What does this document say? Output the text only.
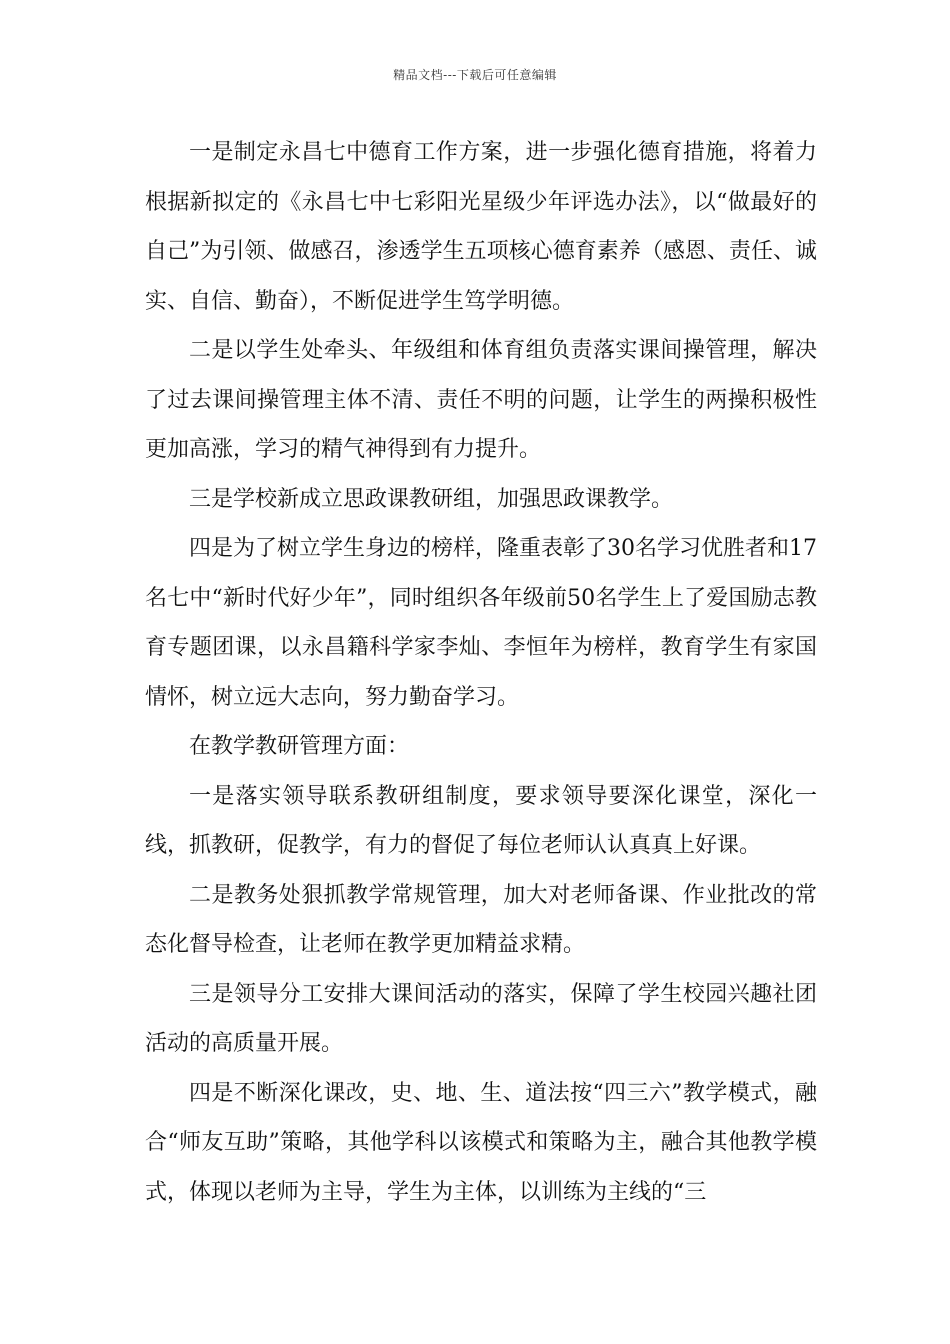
精品文档---下载后可任意编辑

一是制定永昌七中德育工作方案，进一步强化德育措施，将着力根据新拟定的《永昌七中七彩阳光星级少年评选办法》，以“做最好的自己”为引领、做感召，渗透学生五项核心德育素养（感恩、责任、诚实、自信、勤奋），不断促进学生笃学明德。

二是以学生处牵头、年级组和体育组负责落实课间操管理，解决了过去课间操管理主体不清、责任不明的问题，让学生的两操积极性更加高涨，学习的精气神得到有力提升。

三是学校新成立思政课教研组，加强思政课教学。

四是为了树立学生身边的榜样，隆重表彰了30名学习优胜者和17名七中“新时代好少年”，同时组织各年级前50名学生上了爱国励志教育专题团课，以永昌籍科学家李灿、李恒年为榜样，教育学生有家国情怀，树立远大志向，努力勤奋学习。

在教学教研管理方面：

一是落实领导联系教研组制度，要求领导要深化课堂，深化一线，抓教研，促教学，有力的督促了每位老师认认真真上好课。

二是教务处狠抓教学常规管理，加大对老师备课、作业批改的常态化督导检查，让老师在教学更加精益求精。

三是领导分工安排大课间活动的落实，保障了学生校园兴趣社团活动的高质量开展。

四是不断深化课改，史、地、生、道法按“四三六”教学模式，融合“师友互助”策略，其他学科以该模式和策略为主，融合其他教学模式，体现以老师为主导，学生为主体，以训练为主线的“三
